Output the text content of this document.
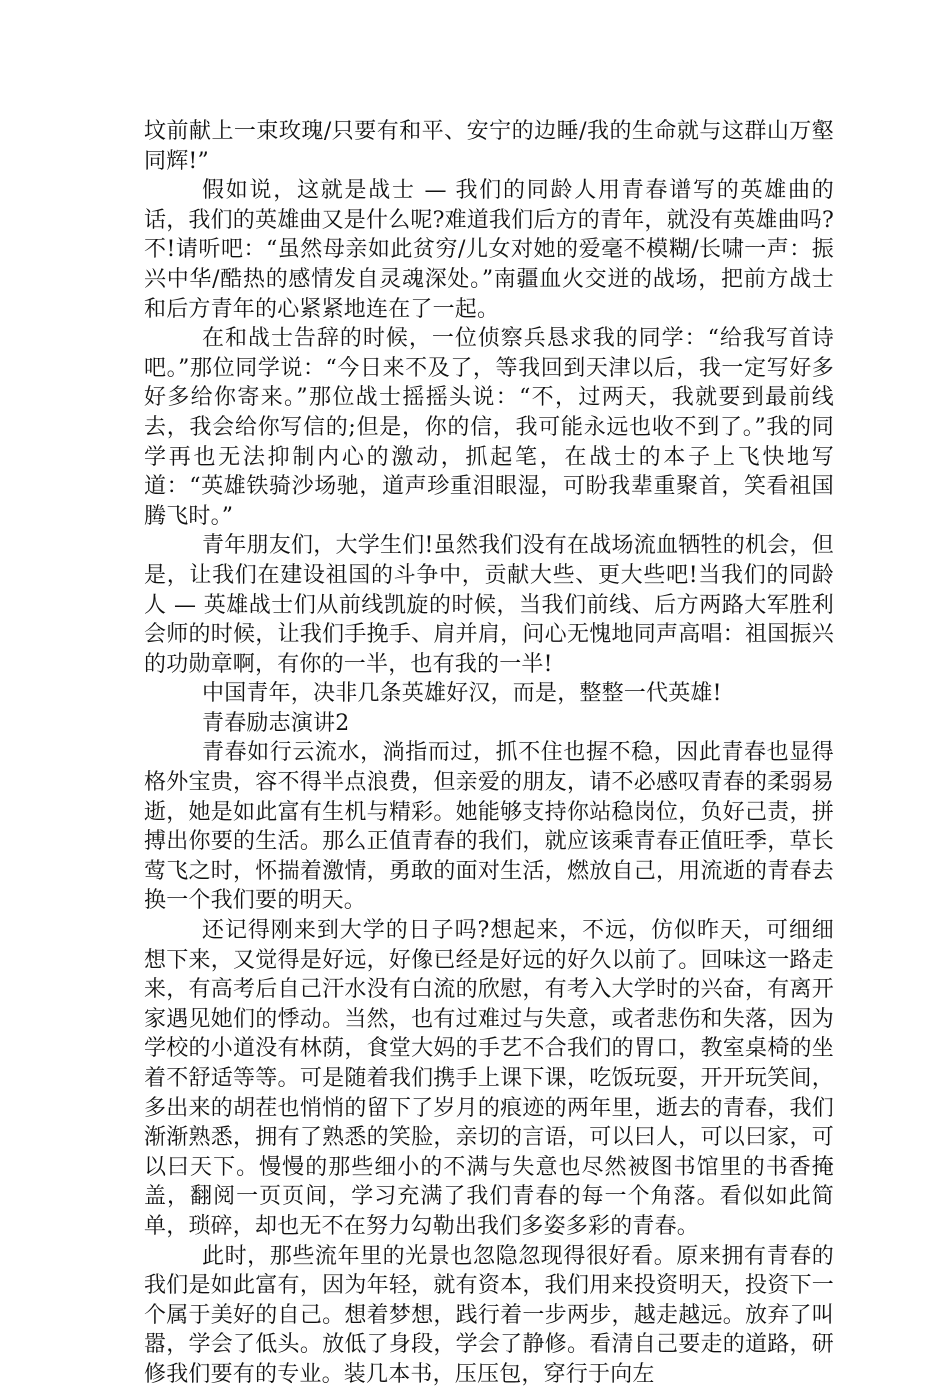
坟前献上一束玫瑰/只要有和平、安宁的边睡/我的生命就与这群山万壑同辉!”

假如说，这就是战士 — 我们的同龄人用青春谱写的英雄曲的话，我们的英雄曲又是什么呢?难道我们后方的青年，就没有英雄曲吗?不!请听吧：“虽然母亲如此贫穷/儿女对她的爱毫不模糊/长啸一声：振兴中华/酷热的感情发自灵魂深处。”南疆血火交迸的战场，把前方战士和后方青年的心紧紧地连在了一起。

在和战士告辞的时候，一位侦察兵恳求我的同学：“给我写首诗吧。”那位同学说：“今日来不及了，等我回到天津以后，我一定写好多好多给你寄来。”那位战士摇摇头说：“不，过两天，我就要到最前线去，我会给你写信的;但是，你的信，我可能永远也收不到了。”我的同学再也无法抑制内心的激动，抓起笔，在战士的本子上飞快地写道：“英雄铁骑沙场驰，道声珍重泪眼湿，可盼我辈重聚首，笑看祖国腾飞时。”

青年朋友们，大学生们!虽然我们没有在战场流血牺牲的机会，但是，让我们在建设祖国的斗争中，贡献大些、更大些吧!当我们的同龄人 — 英雄战士们从前线凯旋的时候，当我们前线、后方两路大军胜利会师的时候，让我们手挽手、肩并肩，问心无愧地同声高唱：祖国振兴的功勋章啊，有你的一半，也有我的一半!

中国青年，决非几条英雄好汉，而是，整整一代英雄!

青春励志演讲2

青春如行云流水，淌指而过，抓不住也握不稳，因此青春也显得格外宝贵，容不得半点浪费，但亲爱的朋友，请不必感叹青春的柔弱易逝，她是如此富有生机与精彩。她能够支持你站稳岗位，负好己责，拼搏出你要的生活。那么正值青春的我们，就应该乘青春正值旺季，草长莺飞之时，怀揣着激情，勇敢的面对生活，燃放自己，用流逝的青春去换一个我们要的明天。

还记得刚来到大学的日子吗?想起来，不远，仿似昨天，可细细想下来，又觉得是好远，好像已经是好远的好久以前了。回味这一路走来，有高考后自己汗水没有白流的欣慰，有考入大学时的兴奋，有离开家遇见她们的悸动。当然，也有过难过与失意，或者悲伤和失落，因为学校的小道没有林荫，食堂大妈的手艺不合我们的胃口，教室桌椅的坐着不舒适等等。可是随着我们携手上课下课，吃饭玩耍，开开玩笑间，多出来的胡茬也悄悄的留下了岁月的痕迹的两年里，逝去的青春，我们渐渐熟悉，拥有了熟悉的笑脸，亲切的言语，可以曰人，可以曰家，可以曰天下。慢慢的那些细小的不满与失意也尽然被图书馆里的书香掩盖，翻阅一页页间，学习充满了我们青春的每一个角落。看似如此简单，琐碎，却也无不在努力勾勒出我们多姿多彩的青春。

此时，那些流年里的光景也忽隐忽现得很好看。原来拥有青春的我们是如此富有，因为年轻，就有资本，我们用来投资明天，投资下一个属于美好的自己。想着梦想，践行着一步两步，越走越远。放弃了叫嚣，学会了低头。放低了身段，学会了静修。看清自己要走的道路，研修我们要有的专业。装几本书，压压包，穿行于向左
